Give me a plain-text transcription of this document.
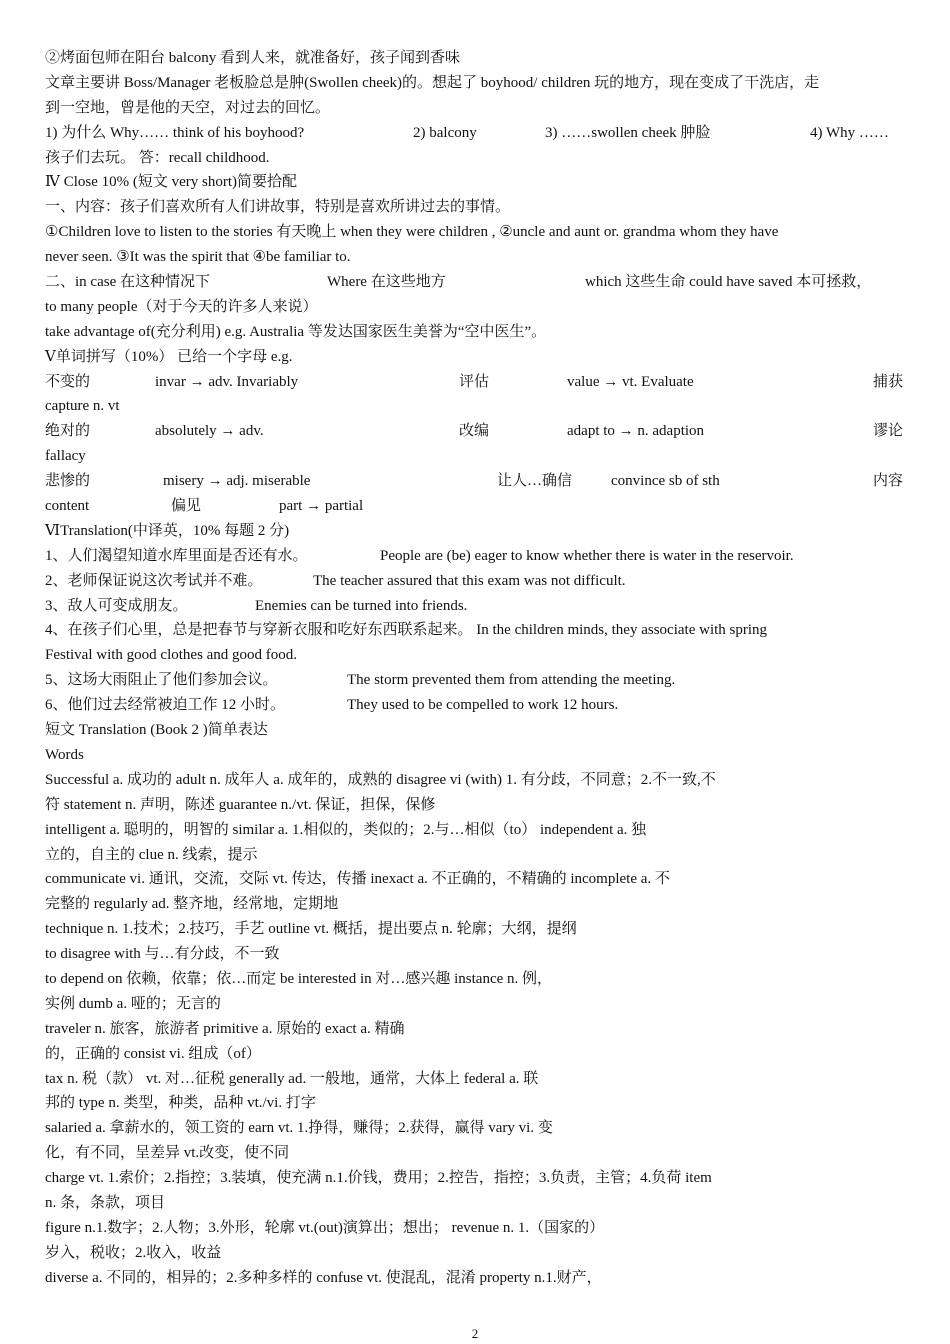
②烤面包师在阳台 balcony 看到人来，就准备好，孩子闻到香味
文章主要讲 Boss/Manager 老板脸总是肿(Swollen cheek)的。想起了 boyhood/ children 玩的地方，现在变成了干洗店，走
到一空地，曾是他的天空，对过去的回忆。
1) 为什么 Why…… think of his boyhood?	2) balcony	3) ……swollen cheek 肿脸	4) Why ……
孩子们去玩。 答：recall childhood.
Ⅳ Close 10% (短文 very short)简要拾配
一、内容：孩子们喜欢所有人们讲故事，特别是喜欢所讲过去的事情。
①Children love to listen to the stories 有天晚上 when they were children , ②uncle and aunt or. grandma whom they have
never seen. ③It was the spirit that ④be familiar to.
二、in case 在这种情况下	Where 在这些地方	which 这些生命 could have saved 本可拯救，
to many people（对于今天的许多人来说）
take advantage of(充分利用) e.g. Australia 等发达国家医生美誉为“空中医生”。
Ⅴ单词拼写（10%） 已给一个字母 e.g.
不变的	invar → adv. Invariably	评估	value → vt. Evaluate	捕获
capture n. vt
绝对的	absolutely → adv.	改编	adapt to → n. adaption	谬论
fallacy
悲惨的	misery → adj. miserable	让人…确信	convince sb of sth	内容
content	偏见	part → partial
ⅥTranslation(中译英，10% 每题 2 分)
1、人们渴望知道水库里面是否还有水。	People are (be) eager to know whether there is water in the reservoir.
2、老师保证说这次考试并不难。	The teacher assured that this exam was not difficult.
3、敌人可变成朋友。	Enemies can be turned into friends.
4、在孩子们心里，总是把春节与穿新衣服和吃好东西联系起来。 In the children minds, they associate with spring
Festival with good clothes and good food.
5、这场大雨阻止了他们参加会议。	The storm prevented them from attending the meeting.
6、他们过去经常被迫工作 12 小时。	They used to be compelled to work 12 hours.
短文 Translation (Book 2 )简单表达
Words
Successful a. 成功的 adult n. 成年人 a. 成年的，成熟的 disagree vi (with) 1. 有分歧，不同意；2.不一致,不
符 statement n. 声明，陈述 guarantee n./vt. 保证，担保，保修
intelligent a. 聪明的，明智的 similar a. 1.相似的，类似的；2.与…相似（to） independent a. 独
立的，自主的 clue n. 线索，提示
communicate vi. 通讯，交流，交际 vt. 传达，传播 inexact a. 不正确的，不精确的 incomplete a. 不
完整的 regularly ad. 整齐地，经常地，定期地
technique n. 1.技术；2.技巧，手艺 outline vt. 概括，提出要点 n. 轮廓；大纲，提纲
to disagree with 与…有分歧，不一致
to depend on 依赖，依靠；依…而定 be interested in 对…感兴趣 instance n. 例，
实例 dumb a. 哑的；无言的
traveler n. 旅客，旅游者 primitive a. 原始的 exact a. 精确
的，正确的 consist vi. 组成（of）
tax n. 税（款） vt. 对…征税 generally ad. 一般地，通常，大体上 federal a. 联
邦的 type n. 类型，种类，品种 vt./vi. 打字
salaried a. 拿薪水的，领工资的 earn vt. 1.挣得，赚得；2.获得，赢得 vary vi. 变
化，有不同，呈差异 vt.改变，使不同
charge vt. 1.索价；2.指控；3.装填，使充满 n.1.价钱，费用；2.控告，指控；3.负责，主管；4.负荷 item
n. 条，条款，项目
figure n.1.数字；2.人物；3.外形，轮廓 vt.(out)演算出；想出； revenue n. 1.（国家的）
岁入，税收；2.收入，收益
diverse a. 不同的，相异的；2.多种多样的 confuse vt. 使混乱，混淆 property n.1.财产，
2
